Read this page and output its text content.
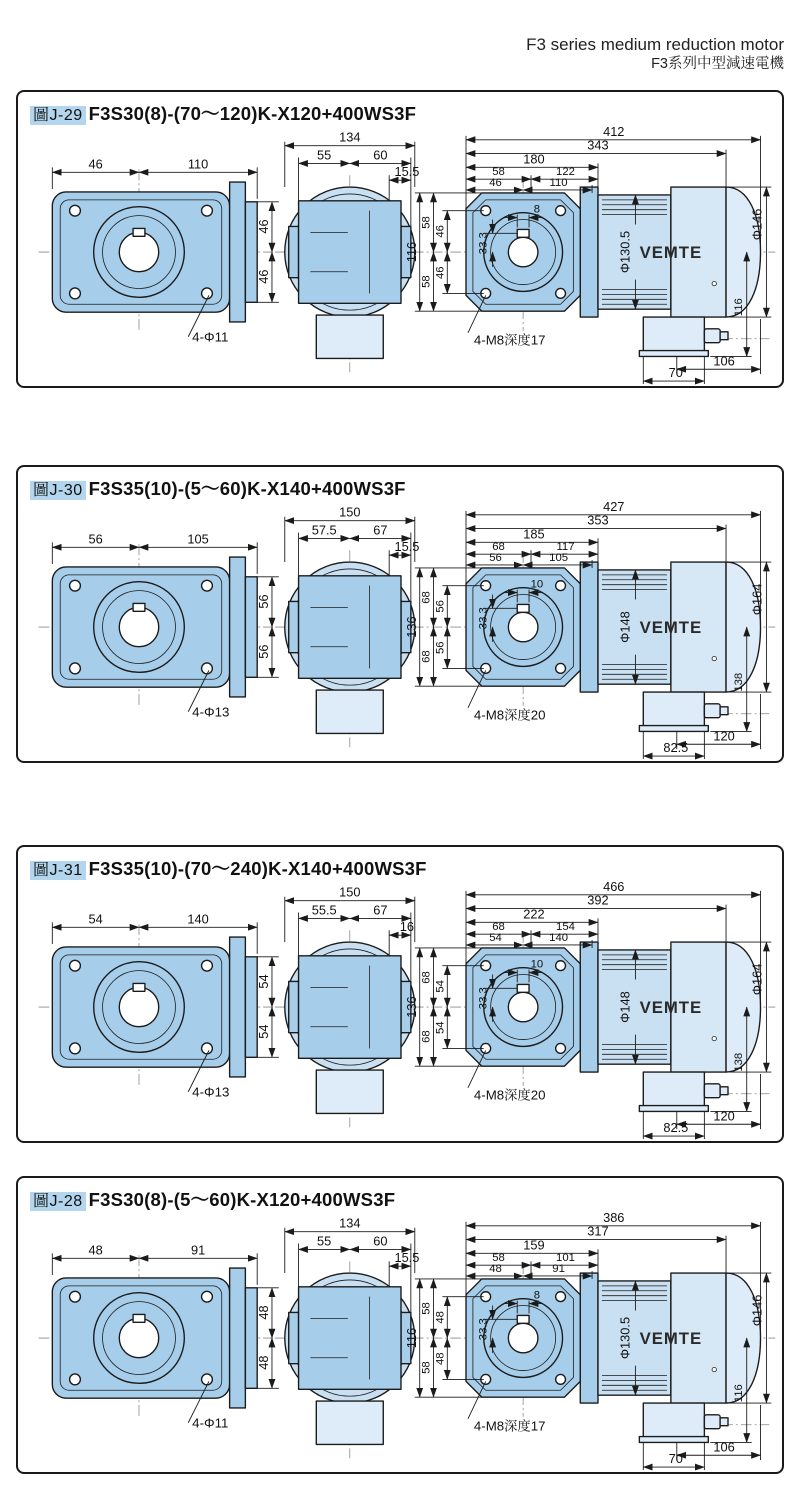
F3 series medium reduction motor
F3系列中型減速電機
圖J-29 F3S30(8)-(70～120)K-X120+400WS3F
46	110
46
46
4-Φ11
134
55	60
15.5
412
343
180
58	122
46	110
8
33.3
116
58
58
46
46	Φ130.5 VEMTE
Φ146
116
106
70
4-M8深度17
圖J-30 F3S35(10)-(5～60)K-X140+400WS3F
56	105
56
56
4-Φ13
150
57.5	67
15.5
427
353
185
68	117
56	105
10
33.3
136
68
68
56
56
Φ148 VEMTE
Φ164
138
120
82.5
4-M8深度20
圖J-31 F3S35(10)-(70～240)K-X140+400WS3F
54	140
54
54
4-Φ13
150
55.5	67
16
466
392
222
68	154
54	140
10
33.3
136
68
68
54
54
Φ148 VEMTE
Φ164
138
120
82.5
4-M8深度20
圖J-28 F3S30(8)-(5～60)K-X120+400WS3F
48	91
48
48
4-Φ11
134
55	60
15.5
386
317
159
58	101
48	91
8
33.3
116
58
58
48
48	Φ130.5 VEMTE
Φ146
116
106
70
4-M8深度17
